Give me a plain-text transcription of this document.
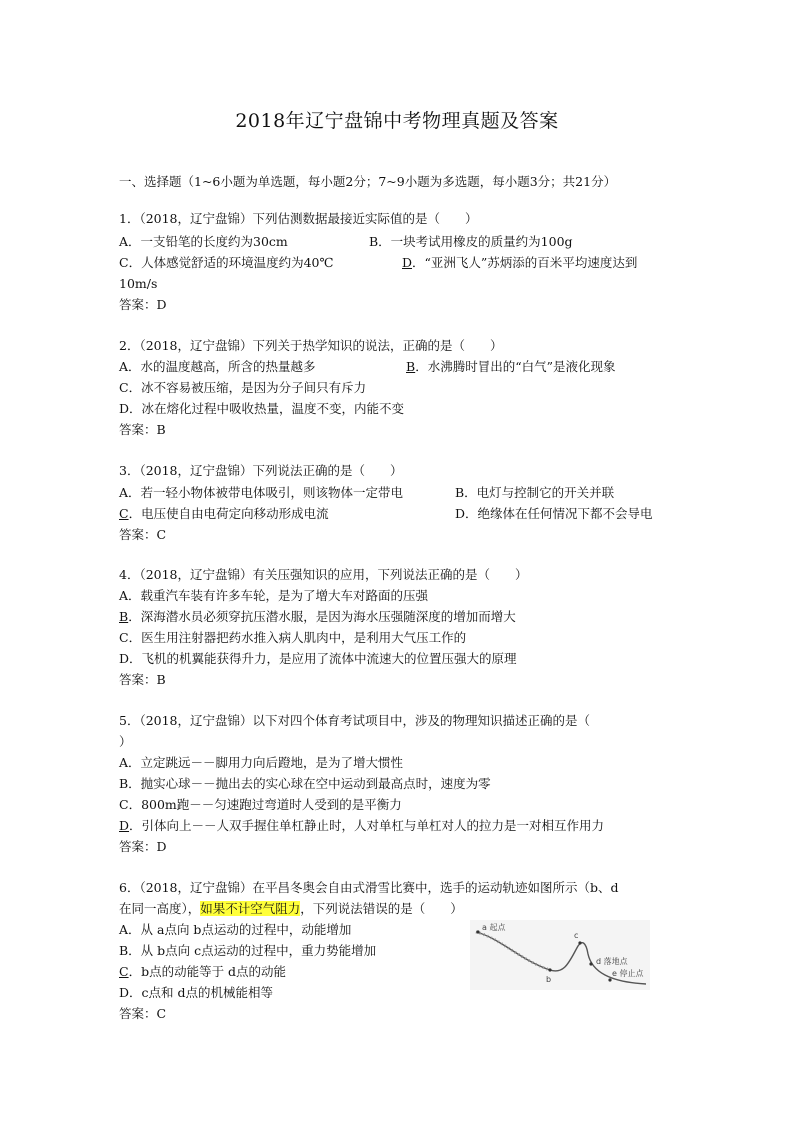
2018年辽宁盘锦中考物理真题及答案
一、选择题（1~6小题为单选题，每小题2分；7~9小题为多选题，每小题3分；共21分）
1．（2018，辽宁盘锦）下列估测数据最接近实际值的是（　　）
A．一支铅笔的长度约为30cm	B．一块考试用橡皮的质量约为100g
C．人体感觉舒适的环境温度约为40℃	D．“亚洲飞人”苏炳添的百米平均速度达到
10m/s
答案：D
2．（2018，辽宁盘锦）下列关于热学知识的说法，正确的是（　　）
A．水的温度越高，所含的热量越多	B．水沸腾时冒出的“白气”是液化现象
C．冰不容易被压缩，是因为分子间只有斥力
D．冰在熔化过程中吸收热量，温度不变，内能不变
答案：B
3．（2018，辽宁盘锦）下列说法正确的是（　　）
A．若一轻小物体被带电体吸引，则该物体一定带电	B．电灯与控制它的开关并联
C．电压使自由电荷定向移动形成电流	D．绝缘体在任何情况下都不会导电
答案：C
4．（2018，辽宁盘锦）有关压强知识的应用，下列说法正确的是（　　）
A．载重汽车装有许多车轮，是为了增大车对路面的压强
B．深海潜水员必须穿抗压潜水服，是因为海水压强随深度的增加而增大
C．医生用注射器把药水推入病人肌肉中，是利用大气压工作的
D．飞机的机翼能获得升力，是应用了流体中流速大的位置压强大的原理
答案：B
5．（2018，辽宁盘锦）以下对四个体育考试项目中，涉及的物理知识描述正确的是（
）
A．立定跳远－－脚用力向后蹬地，是为了增大惯性
B．抛实心球－－抛出去的实心球在空中运动到最高点时，速度为零
C．800m跑－－匀速跑过弯道时人受到的是平衡力
D．引体向上－－人双手握住单杠静止时，人对单杠与单杠对人的拉力是一对相互作用力
答案：D
6．（2018，辽宁盘锦）在平昌冬奥会自由式滑雪比赛中，选手的运动轨迹如图所示（b、d
在同一高度），如果不计空气阻力，下列说法错误的是（　　）
A．从 a点向 b点运动的过程中，动能增加
B．从 b点向 c点运动的过程中，重力势能增加
C．b点的动能等于 d点的动能
D．c点和 d点的机械能相等
答案：C
a 起点
b
c
d 落地点
e 停止点
